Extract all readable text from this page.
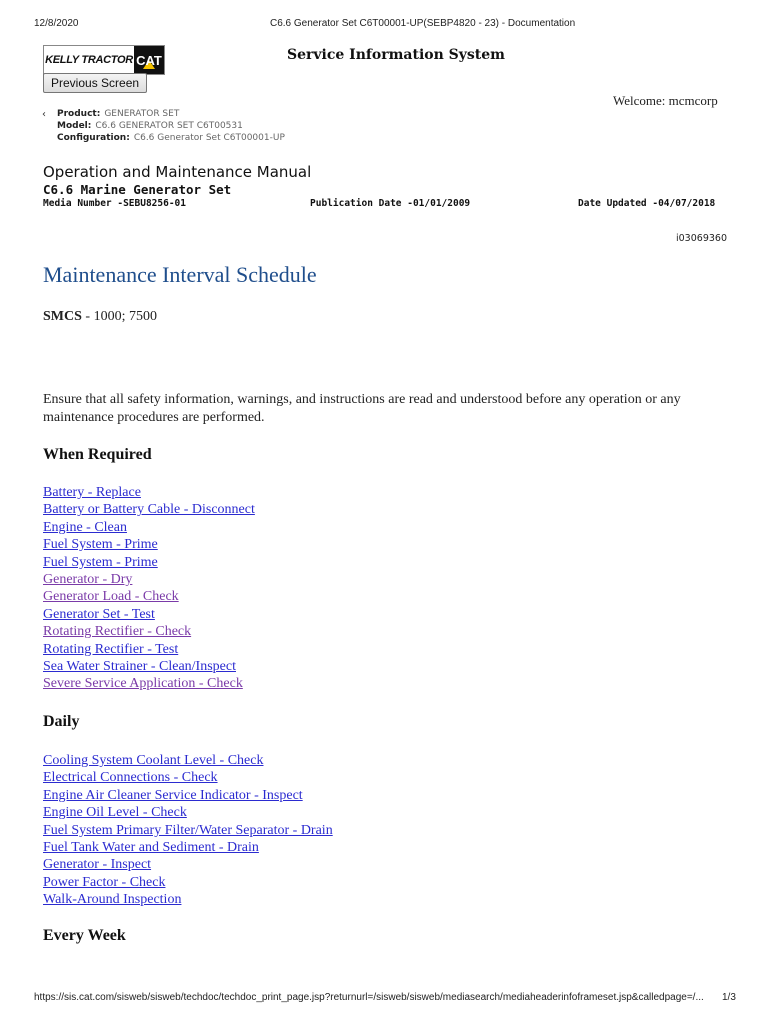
12/8/2020	C6.6 Generator Set C6T00001-UP(SEBP4820 - 23) - Documentation
KELLY TRACTOR CAT
Previous Screen
Service Information System
Welcome: mcmcorp
‹ Product: GENERATOR SET
Model: C6.6 GENERATOR SET C6T00531
Configuration: C6.6 Generator Set C6T00001-UP
Operation and Maintenance Manual
C6.6 Marine Generator Set
Media Number -SEBU8256-01	Publication Date -01/01/2009	Date Updated -04/07/2018
i03069360
Maintenance Interval Schedule
SMCS - 1000; 7500
Ensure that all safety information, warnings, and instructions are read and understood before any operation or any maintenance procedures are performed.
When Required
Battery - Replace
Battery or Battery Cable - Disconnect
Engine - Clean
Fuel System - Prime
Fuel System - Prime
Generator - Dry
Generator Load - Check
Generator Set - Test
Rotating Rectifier - Check
Rotating Rectifier - Test
Sea Water Strainer - Clean/Inspect
Severe Service Application - Check
Daily
Cooling System Coolant Level - Check
Electrical Connections - Check
Engine Air Cleaner Service Indicator - Inspect
Engine Oil Level - Check
Fuel System Primary Filter/Water Separator - Drain
Fuel Tank Water and Sediment - Drain
Generator - Inspect
Power Factor - Check
Walk-Around Inspection
Every Week
https://sis.cat.com/sisweb/sisweb/techdoc/techdoc_print_page.jsp?returnurl=/sisweb/sisweb/mediasearch/mediaheaderinfoframeset.jsp&calledpage=/... 1/3
